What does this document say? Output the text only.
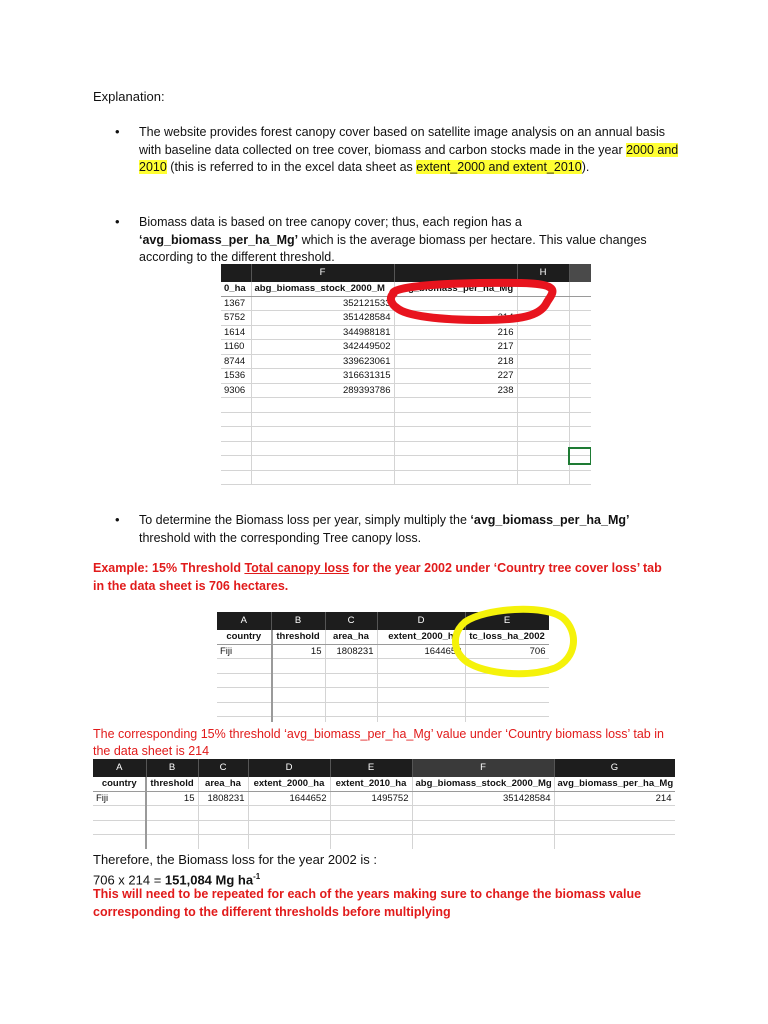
Explanation:
• The website provides forest canopy cover based on satellite image analysis on an annual basis with baseline data collected on tree cover, biomass and carbon stocks made in the year 2000 and 2010 (this is referred to in the excel data sheet as extent_2000 and extent_2010).
• Biomass data is based on tree canopy cover; thus, each region has a ‘avg_biomass_per_ha_Mg’ which is the average biomass per hectare. This value changes according to the different threshold.
	F		H	
0_ha	abg_biomass_stock_2000_M	avg_biomass_per_ha_Mg		
1367	352121533			
5752	351428584	214		
1614	344988181	216		
1160	342449502	217		
8744	339623061	218		
1536	316631315	227		
9306	289393786	238		

• To determine the Biomass loss per year, simply multiply the ‘avg_biomass_per_ha_Mg’ threshold with the corresponding Tree canopy loss.
Example: 15% Threshold Total canopy loss for the year 2002 under ‘Country tree cover loss’ tab in the data sheet is 706 hectares.
A	B	C	D	E
country	threshold	area_ha	extent_2000_h	tc_loss_ha_2002
Fiji	15	1808231	1644652	706

The corresponding 15% threshold ‘avg_biomass_per_ha_Mg’ value under ‘Country biomass loss’ tab in the data sheet is 214
A	B	C	D	E	F	G
country	threshold	area_ha	extent_2000_ha	extent_2010_ha	abg_biomass_stock_2000_Mg	avg_biomass_per_ha_Mg
Fiji	15	1808231	1644652	1495752	351428584	214

Therefore, the Biomass loss for the year 2002 is :
706 x 214 = 151,084 Mg $ha^{-1}$
This will need to be repeated for each of the years making sure to change the biomass value corresponding to the different thresholds before multiplying
